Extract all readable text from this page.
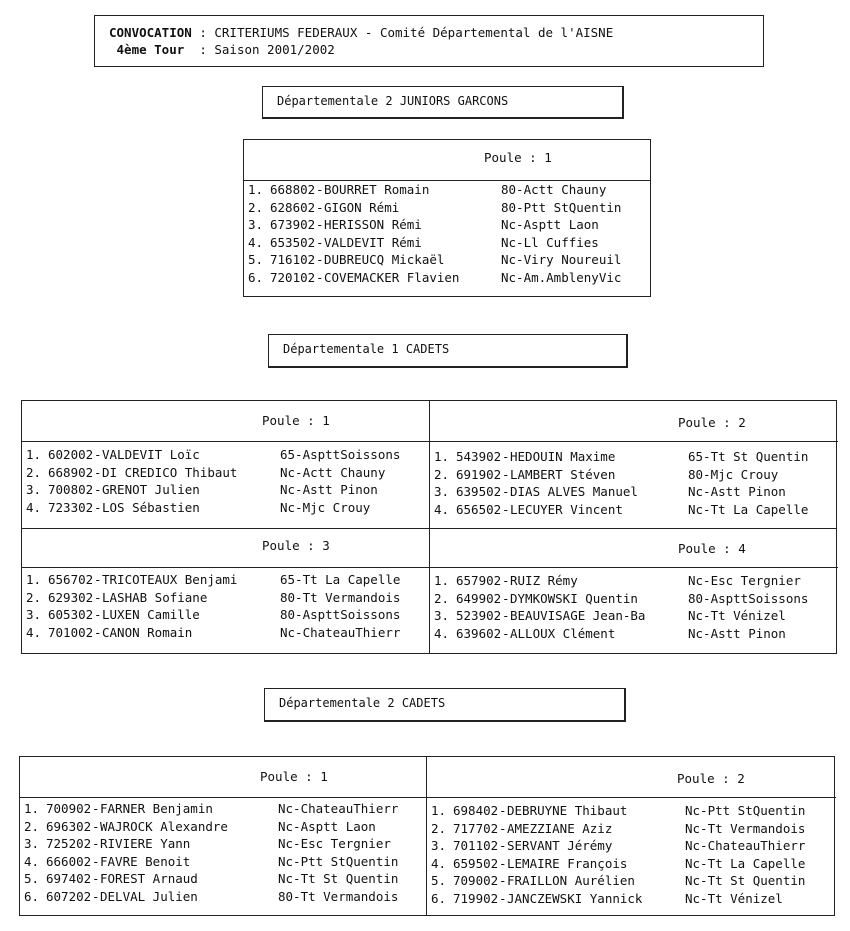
CONVOCATION : CRITERIUMS FEDERAUX - Comité Départemental de l'AISNE
4ème Tour  : Saison 2001/2002
Départementale 2 JUNIORS GARCONS

Poule : 1

1. 668802 - BOURRET Romain	80-Actt Chauny
2. 628602 - GIGON Rémi	80-Ptt StQuentin
3. 673902 - HERISSON Rémi	Nc-Asptt Laon
4. 653502 - VALDEVIT Rémi	Nc-Ll Cuffies
5. 716102 - DUBREUCQ Mickaël	Nc-Viry Noureuil
6. 720102 - COVEMACKER Flavien	Nc-Am.AmblenyVic
Départementale 1 CADETS

Poule : 1

1. 602002 - VALDEVIT Loïc	65-AspttSoissons
2. 668902 - DI CREDICO Thibaut	Nc-Actt Chauny
3. 700802 - GRENOT Julien	Nc-Astt Pinon
4. 723302 - LOS Sébastien	Nc-Mjc Crouy

Poule : 2

1. 543902 - HEDOUIN Maxime	65-Tt St Quentin
2. 691902 - LAMBERT Stéven	80-Mjc Crouy
3. 639502 - DIAS ALVES Manuel	Nc-Astt Pinon
4. 656502 - LECUYER Vincent	Nc-Tt La Capelle

Poule : 3

1. 656702 - TRICOTEAUX Benjami	65-Tt La Capelle
2. 629302 - LASHAB Sofiane	80-Tt Vermandois
3. 605302 - LUXEN Camille	80-AspttSoissons
4. 701002 - CANON Romain	Nc-ChateauThierr

Poule : 4

1. 657902 - RUIZ Rémy	Nc-Esc Tergnier
2. 649902 - DYMKOWSKI Quentin	80-AspttSoissons
3. 523902 - BEAUVISAGE Jean-Ba	Nc-Tt Vénizel
4. 639602 - ALLOUX Clément	Nc-Astt Pinon
Départementale 2 CADETS

Poule : 1

1. 700902 - FARNER Benjamin	Nc-ChateauThierr
2. 696302 - WAJROCK Alexandre	Nc-Asptt Laon
3. 725202 - RIVIERE Yann	Nc-Esc Tergnier
4. 666002 - FAVRE Benoit	Nc-Ptt StQuentin
5. 697402 - FOREST Arnaud	Nc-Tt St Quentin
6. 607202 - DELVAL Julien	80-Tt Vermandois

Poule : 2

1. 698402 - DEBRUYNE Thibaut	Nc-Ptt StQuentin
2. 717702 - AMEZZIANE Aziz	Nc-Tt Vermandois
3. 701102 - SERVANT Jérémy	Nc-ChateauThierr
4. 659502 - LEMAIRE François	Nc-Tt La Capelle
5. 709002 - FRAILLON Aurélien	Nc-Tt St Quentin
6. 719902 - JANCZEWSKI Yannick	Nc-Tt Vénizel
